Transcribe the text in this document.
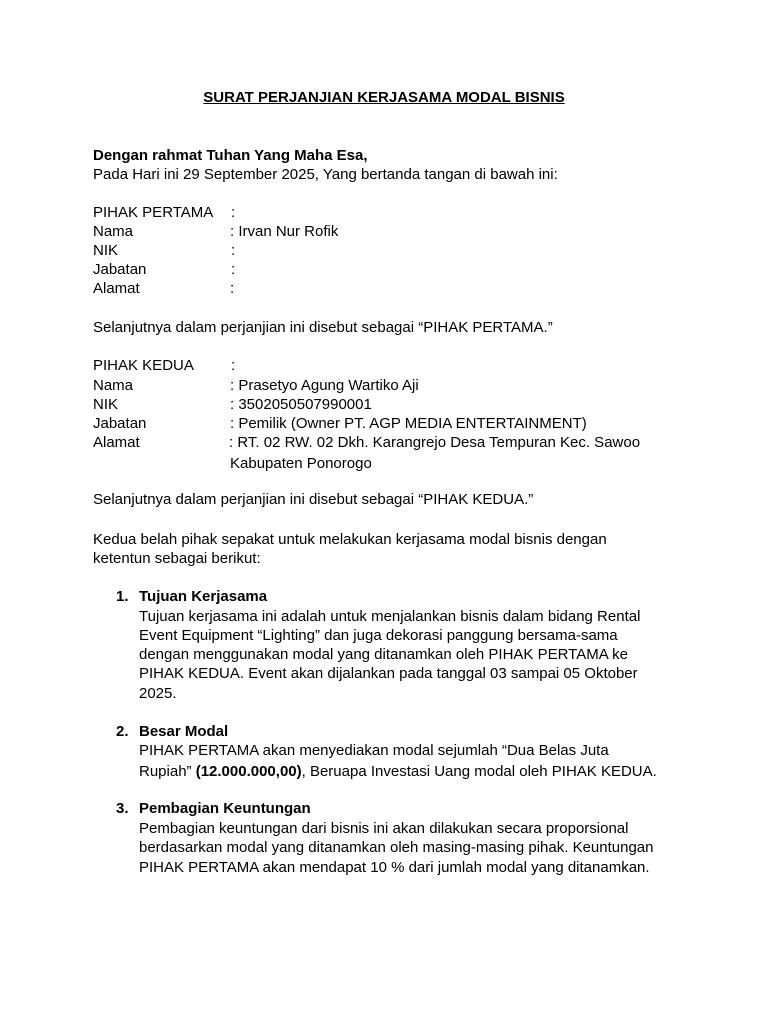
SURAT PERJANJIAN KERJASAMA MODAL BISNIS
Dengan rahmat Tuhan Yang Maha Esa,
Pada Hari ini 29 September 2025, Yang bertanda tangan di bawah ini:
PIHAK PERTAMA :
Nama	: Irvan Nur Rofik
NIK	:
Jabatan	:
Alamat	:
Selanjutnya dalam perjanjian ini disebut sebagai “PIHAK PERTAMA.”
PIHAK KEDUA :
Nama	: Prasetyo Agung Wartiko Aji
NIK	: 3502050507990001
Jabatan	: Pemilik (Owner PT. AGP MEDIA ENTERTAINMENT)
Alamat	: RT. 02 RW. 02 Dkh. Karangrejo Desa Tempuran Kec. Sawoo
Kabupaten Ponorogo
Selanjutnya dalam perjanjian ini disebut sebagai “PIHAK KEDUA.”
Kedua belah pihak sepakat untuk melakukan kerjasama modal bisnis dengan
ketentun sebagai berikut:
1. Tujuan Kerjasama
Tujuan kerjasama ini adalah untuk menjalankan bisnis dalam bidang Rental
Event Equipment “Lighting” dan juga dekorasi panggung bersama-sama
dengan menggunakan modal yang ditanamkan oleh PIHAK PERTAMA ke
PIHAK KEDUA. Event akan dijalankan pada tanggal 03 sampai 05 Oktober
2025.
2. Besar Modal
PIHAK PERTAMA akan menyediakan modal sejumlah “Dua Belas Juta
Rupiah” (12.000.000,00), Beruapa Investasi Uang modal oleh PIHAK KEDUA.
3. Pembagian Keuntungan
Pembagian keuntungan dari bisnis ini akan dilakukan secara proporsional
berdasarkan modal yang ditanamkan oleh masing-masing pihak. Keuntungan
PIHAK PERTAMA akan mendapat 10 % dari jumlah modal yang ditanamkan.
